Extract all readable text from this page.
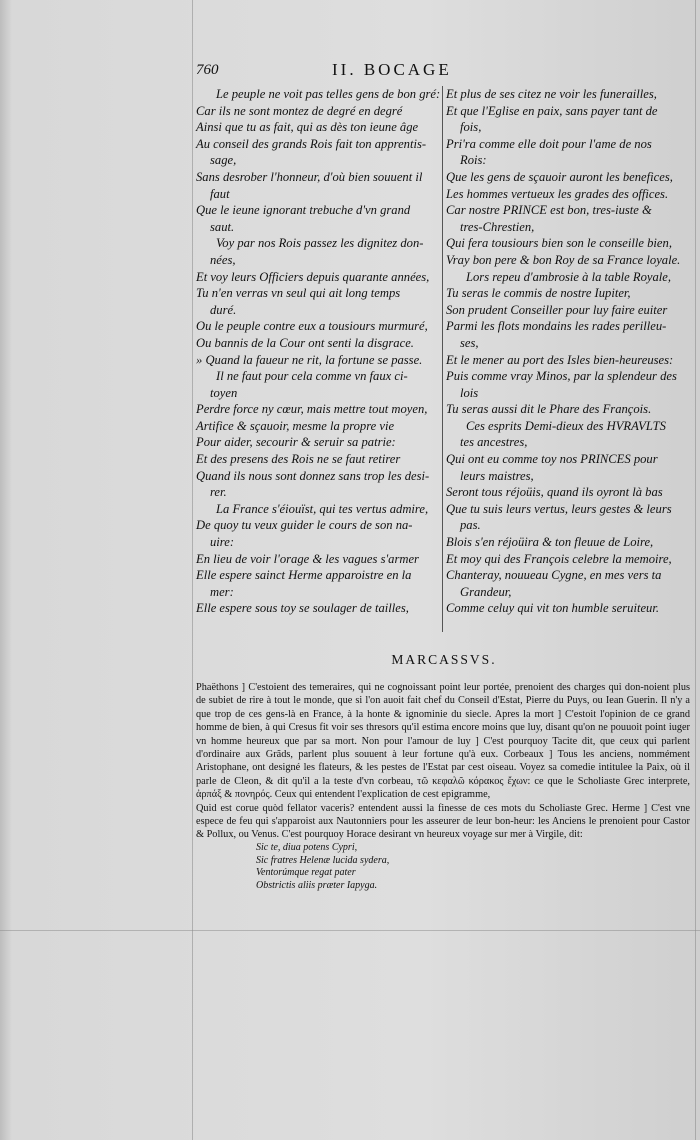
760	II. BOCAGE
Le peuple ne voit pas telles gens de bon gré:
Car ils ne sont montez de degré en degré
Ainsi que tu as fait, qui as dès ton ieune âge
Au conseil des grands Rois fait ton apprentis-
sage,
Sans desrober l'honneur, d'où bien souuent il
faut
Que le ieune ignorant trebuche d'vn grand
saut.
Voy par nos Rois passez les dignitez don-
nées,
Et voy leurs Officiers depuis quarante années,
Tu n'en verras vn seul qui ait long temps
duré.
Ou le peuple contre eux a tousiours murmuré,
Ou bannis de la Cour ont senti la disgrace.
» Quand la faueur ne rit, la fortune se passe.
Il ne faut pour cela comme vn faux ci-
toyen
Perdre force ny cœur, mais mettre tout moyen,
Artifice & sçauoir, mesme la propre vie
Pour aider, secourir & seruir sa patrie:
Et des presens des Rois ne se faut retirer
Quand ils nous sont donnez sans trop les desi-
rer.
La France s'éiouïst, qui tes vertus admire,
De quoy tu veux guider le cours de son na-
uire:
En lieu de voir l'orage & les vagues s'armer
Elle espere sainct Herme apparoistre en la
mer:
Elle espere sous toy se soulager de tailles,
Et plus de ses citez ne voir les funerailles,
Et que l'Eglise en paix, sans payer tant de
fois,
Pri'ra comme elle doit pour l'ame de nos
Rois:
Que les gens de sçauoir auront les benefices,
Les hommes vertueux les grades des offices.
Car nostre PRINCE est bon, tres-iuste &
tres-Chrestien,
Qui fera tousiours bien son le conseille bien,
Vray bon pere & bon Roy de sa France loyale.
Lors repeu d'ambrosie à la table Royale,
Tu seras le commis de nostre Iupiter,
Son prudent Conseiller pour luy faire euiter
Parmi les flots mondains les rades perilleu-
ses,
Et le mener au port des Isles bien-heureuses:
Puis comme vray Minos, par la splendeur des
lois
Tu seras aussi dit le Phare des François.
Ces esprits Demi-dieux des HVRAVLTS
tes ancestres,
Qui ont eu comme toy nos PRINCES pour
leurs maistres,
Seront tous réjoüis, quand ils oyront là bas
Que tu suis leurs vertus, leurs gestes & leurs
pas.
Blois s'en réjoüira & ton fleuue de Loire,
Et moy qui des François celebre la memoire,
Chanteray, nouueau Cygne, en mes vers ta
Grandeur,
Comme celuy qui vit ton humble seruiteur.
MARCASSVS.

Phaëthons ] C'estoient des temeraires, qui ne cognoissant point leur portée, prenoient des charges qui don-noient plus de subiet de rire à tout le monde, que si l'on auoit fait chef du Conseil d'Estat, Pierre du Puys, ou Iean Guerin. Il n'y a que trop de ces gens-là en France, à la honte & ignominie du siecle. Apres la mort ] C'estoit l'opinion de ce grand homme de bien, à qui Cresus fit voir ses thresors qu'il estima encore moins que luy, disant qu'on ne pouuoit point iuger vn homme heureux que par sa mort. Non pour l'amour de luy ] C'est pourquoy Tacite dit, que ceux qui parlent d'ordinaire aux Grãds, parlent plus souuent à leur fortune qu'à eux. Corbeaux ] Tous les anciens, nommément Aristophane, ont designé les flateurs, & les pestes de l'Estat par cest oiseau. Voyez sa comedie intitulee la Paix, où il parle de Cleon, & dit qu'il a la teste d'vn corbeau, τῶ κεφαλῶ κόρακος ἔχων: ce que le Scholiaste Grec interprete, ἀρπάξ & πονηρός. Ceux qui entendent l'explication de cest epigramme,

Quid est corue quòd fellator vaceris? entendent aussi la finesse de ces mots du Scholiaste Grec. Herme ] C'est vne espece de feu qui s'apparoist aux Nautonniers pour les asseurer de leur bon-heur: les Anciens le prenoient pour Castor & Pollux, ou Venus. C'est pourquoy Horace desirant vn heureux voyage sur mer à Virgile, dit:

Sic te, diua potens Cypri,
Sic fratres Helenæ lucida sydera,
Ventorúmque regat pater
Obstrictis aliis præter Iapyga.
